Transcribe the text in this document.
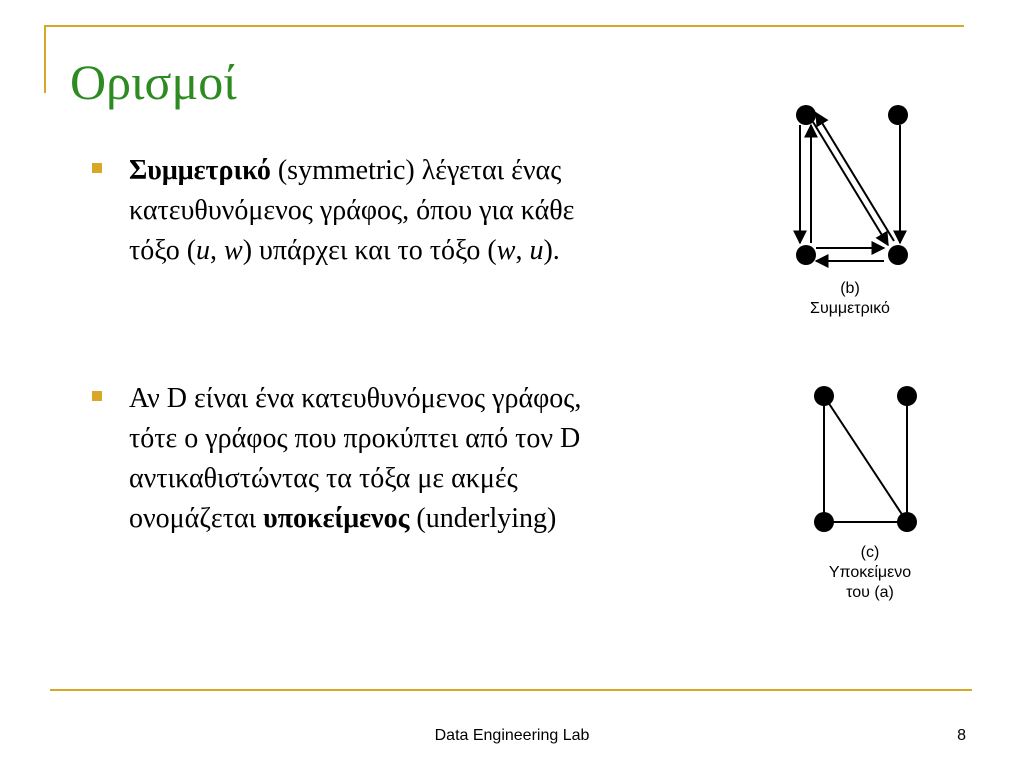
Ορισμοί

Συμμετρικό (symmetric) λέγεται ένας
κατευθυνόμενος γράφος, όπου για κάθε
τόξο (u, w) υπάρχει και το τόξο (w, u).

Αν D είναι ένα κατευθυνόμενος γράφος,
τότε ο γράφος που προκύπτει από τον D
αντικαθιστώντας τα τόξα με ακμές
ονομάζεται υποκείμενος (underlying)

(b)
Συμμετρικό
(c)
Υποκείμενο
του (a)
Data Engineering Lab	8
